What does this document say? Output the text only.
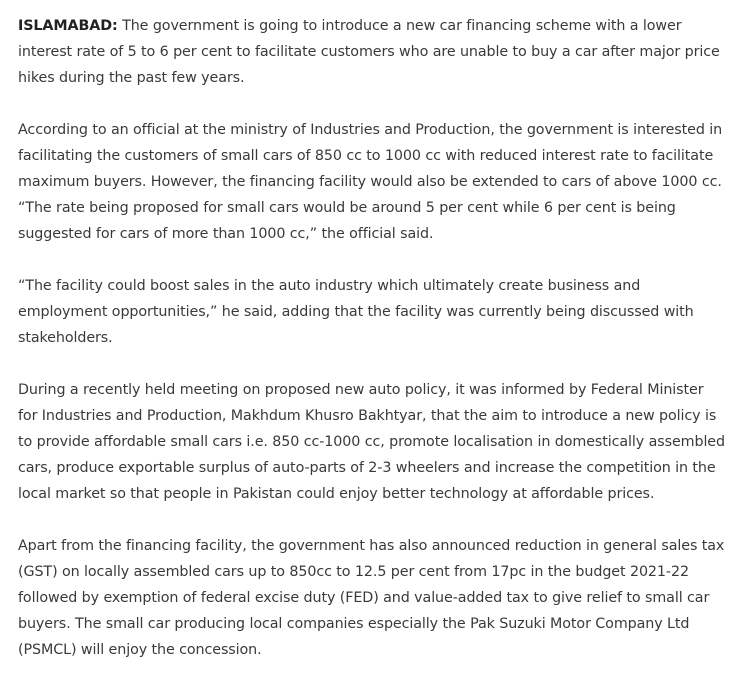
ISLAMABAD: The government is going to introduce a new car financing scheme with a lower
interest rate of 5 to 6 per cent to facilitate customers who are unable to buy a car after major price
hikes during the past few years.

According to an official at the ministry of Industries and Production, the government is interested in
facilitating the customers of small cars of 850 cc to 1000 cc with reduced interest rate to facilitate
maximum buyers. However, the financing facility would also be extended to cars of above 1000 cc.
“The rate being proposed for small cars would be around 5 per cent while 6 per cent is being
suggested for cars of more than 1000 cc,” the official said.

“The facility could boost sales in the auto industry which ultimately create business and
employment opportunities,” he said, adding that the facility was currently being discussed with
stakeholders.

During a recently held meeting on proposed new auto policy, it was informed by Federal Minister
for Industries and Production, Makhdum Khusro Bakhtyar, that the aim to introduce a new policy is
to provide affordable small cars i.e. 850 cc-1000 cc, promote localisation in domestically assembled
cars, produce exportable surplus of auto-parts of 2-3 wheelers and increase the competition in the
local market so that people in Pakistan could enjoy better technology at affordable prices.

Apart from the financing facility, the government has also announced reduction in general sales tax
(GST) on locally assembled cars up to 850cc to 12.5 per cent from 17pc in the budget 2021-22
followed by exemption of federal excise duty (FED) and value-added tax to give relief to small car
buyers. The small car producing local companies especially the Pak Suzuki Motor Company Ltd
(PSMCL) will enjoy the concession.
